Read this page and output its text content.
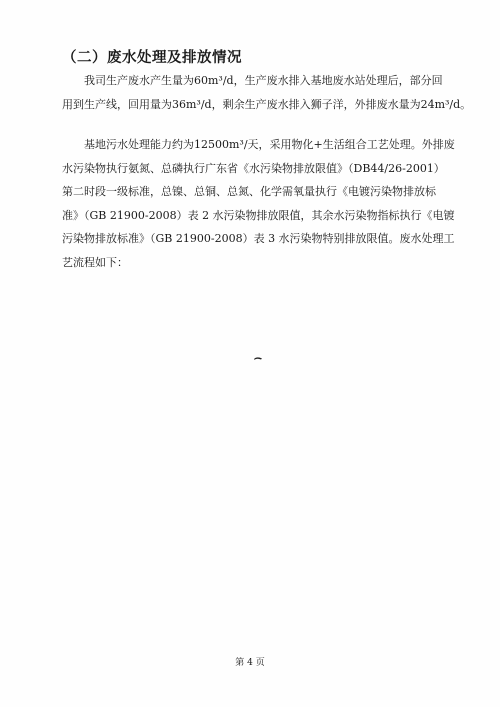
（二）废水处理及排放情况
我司生产废水产生量为60m³/d，生产废水排入基地废水站处理后，部分回
用到生产线，回用量为36m³/d，剩余生产废水排入狮子洋，外排废水量为24m³/d。
基地污水处理能力约为12500m³/天，采用物化+生活组合工艺处理。外排废
水污染物执行氨氮、总磷执行广东省《水污染物排放限值》（DB44/26-2001）
第二时段一级标准，总镍、总铜、总氮、化学需氧量执行《电镀污染物排放标
准》（GB 21900-2008）表 2 水污染物排放限值，其余水污染物指标执行《电镀
污染物排放标准》（GB 21900-2008）表 3 水污染物特别排放限值。废水处理工
艺流程如下：
第 4 页
